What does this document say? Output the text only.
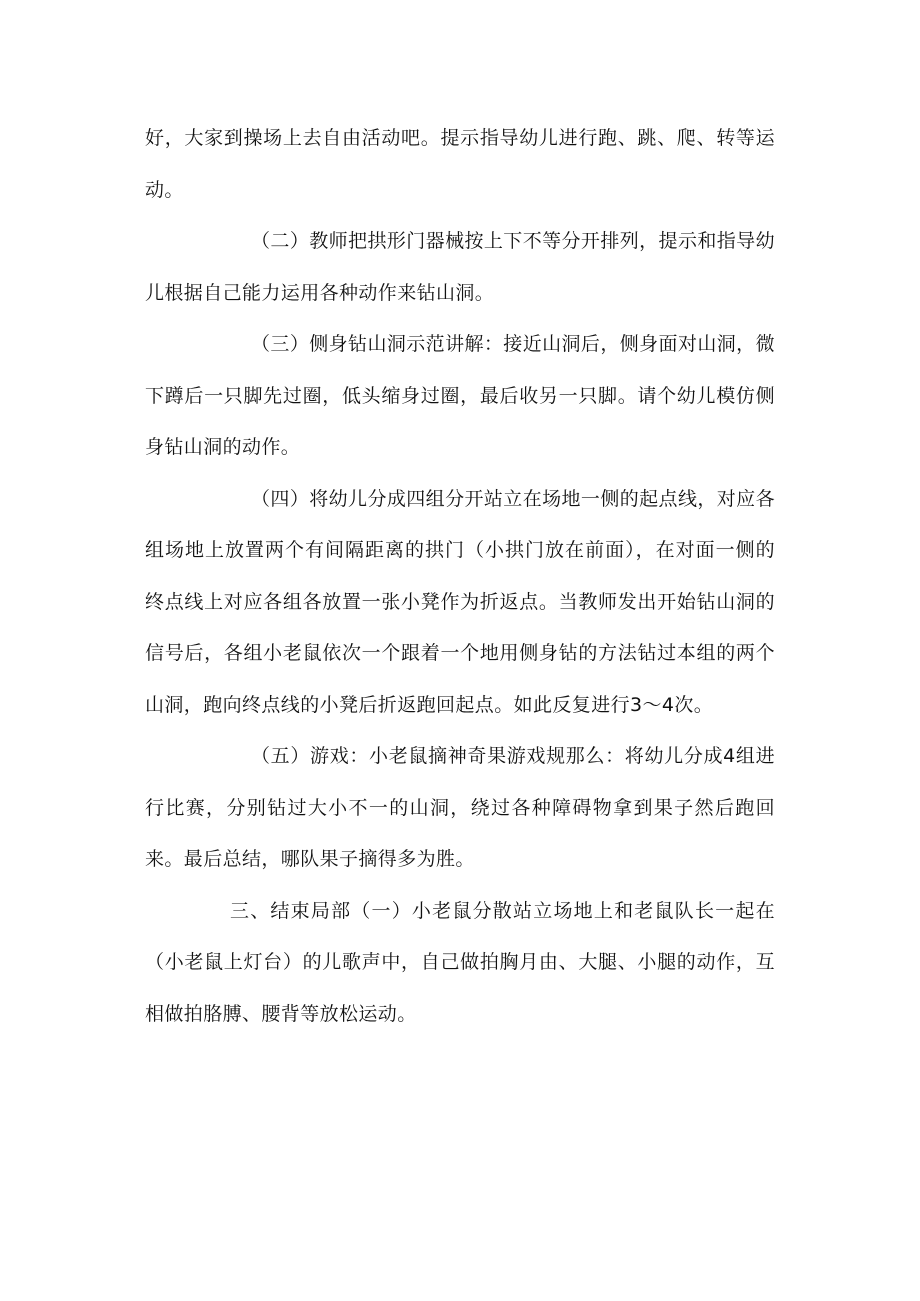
好，大家到操场上去自由活动吧。提示指导幼儿进行跑、跳、爬、转等运动。

（二）教师把拱形门器械按上下不等分开排列，提示和指导幼儿根据自己能力运用各种动作来钻山洞。

（三）侧身钻山洞示范讲解：接近山洞后，侧身面对山洞，微下蹲后一只脚先过圈，低头缩身过圈，最后收另一只脚。请个幼儿模仿侧身钻山洞的动作。

（四）将幼儿分成四组分开站立在场地一侧的起点线，对应各组场地上放置两个有间隔距离的拱门（小拱门放在前面），在对面一侧的终点线上对应各组各放置一张小凳作为折返点。当教师发出开始钻山洞的信号后，各组小老鼠依次一个跟着一个地用侧身钻的方法钻过本组的两个山洞，跑向终点线的小凳后折返跑回起点。如此反复进行3〜4次。

（五）游戏：小老鼠摘神奇果游戏规那么：将幼儿分成4组进行比赛，分别钻过大小不一的山洞，绕过各种障碍物拿到果子然后跑回来。最后总结，哪队果子摘得多为胜。

三、结束局部（一）小老鼠分散站立场地上和老鼠队长一起在（小老鼠上灯台）的儿歌声中，自己做拍胸月由、大腿、小腿的动作，互相做拍胳膊、腰背等放松运动。
